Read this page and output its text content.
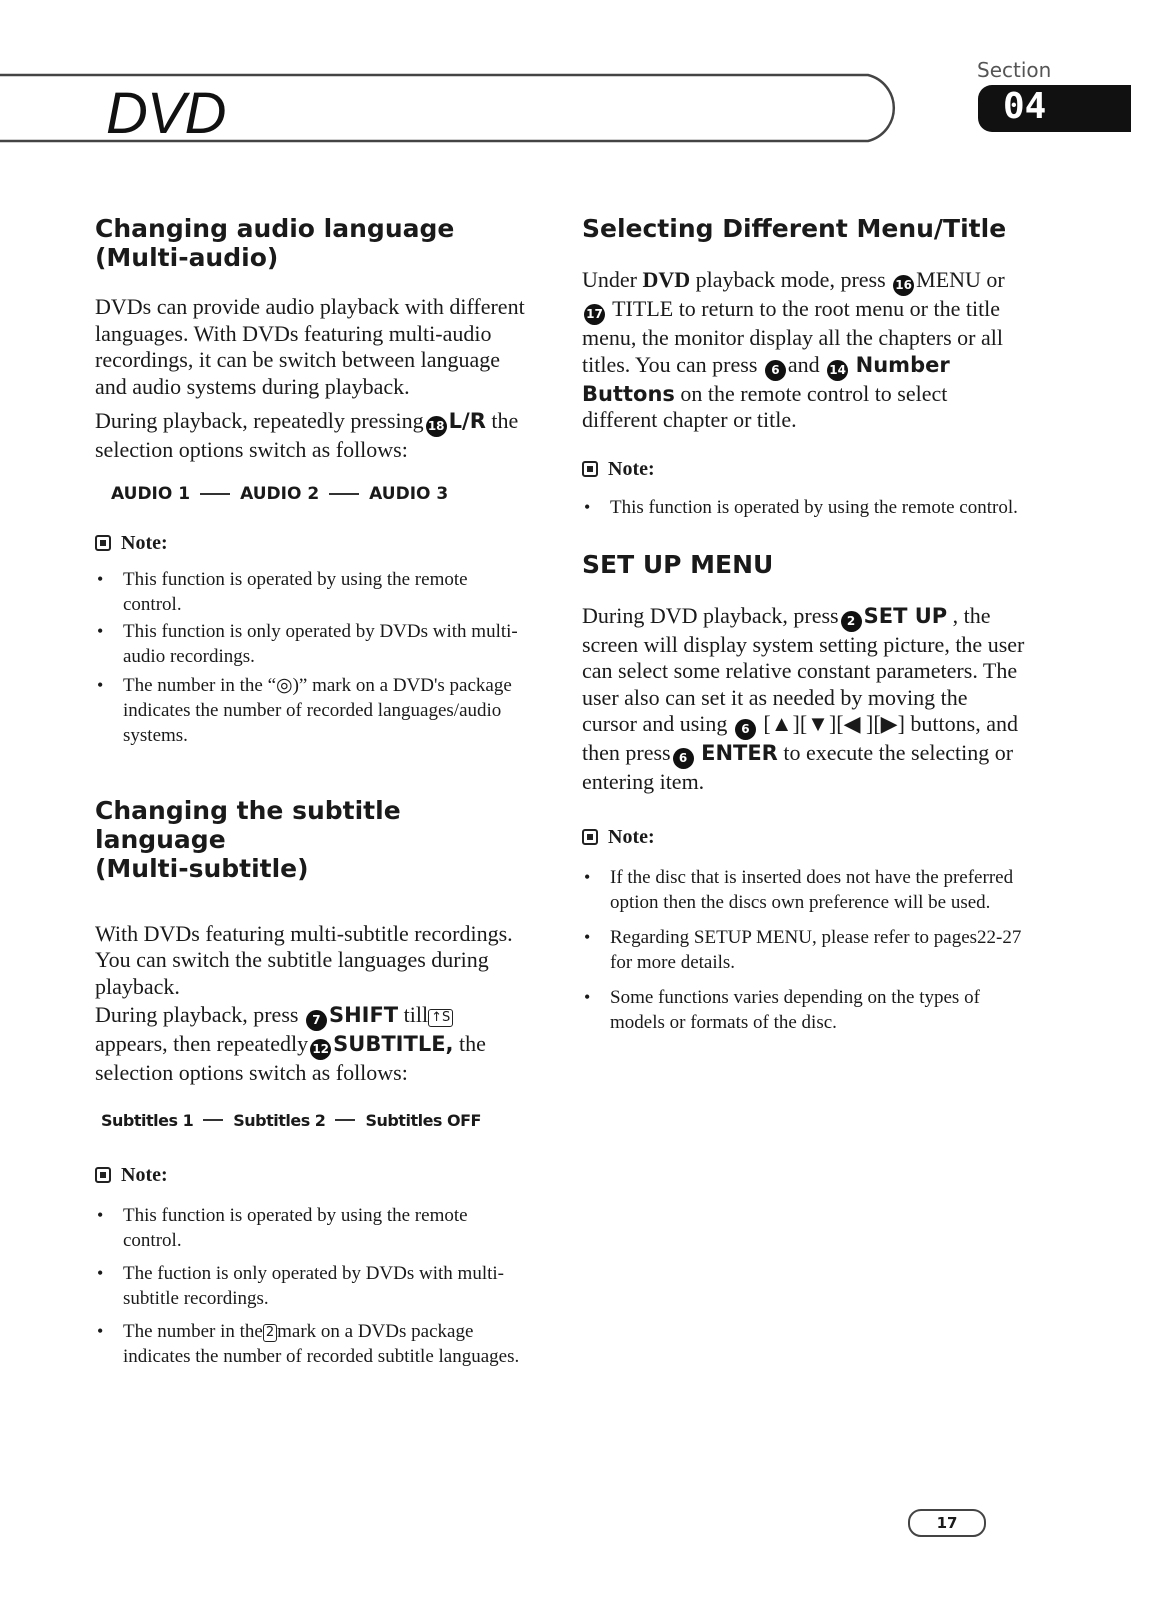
DVD
Section
04
Changing audio language
(Multi-audio)

DVDs can provide audio playback with different languages. With DVDs featuring multi-audio recordings, it can be switch between language and audio systems during playback.

During playback, repeatedly pressing 18 L/R the selection options switch as follows:

AUDIO 1	AUDIO 2	AUDIO 3
Note:
• This function is operated by using the remote control.
• This function is only operated by DVDs with multi-audio recordings.
• The number in the “◎)” mark on a DVD's package indicates the number of recorded languages/audio systems.
Changing the subtitle language
(Multi-subtitle)

With DVDs featuring multi-subtitle recordings. You can switch the subtitle languages during playback.

During playback, press 7 SHIFT till ↑S appears, then repeatedly 12 SUBTITLE, the selection options switch as follows:

Subtitles 1	Subtitles 2	Subtitles OFF
Note:
• This function is operated by using the remote control.
• The fuction is only operated by DVDs with multi-subtitle recordings.
• The number in the 2 mark on a DVDs package indicates the number of recorded subtitle languages.
Selecting Different Menu/Title

Under DVD playback mode, press 16 MENU or 17 TITLE to return to the root menu or the title menu, the monitor display all the chapters or all titles. You can press 6 and 14 Number Buttons on the remote control to select different chapter or title.

Note:
• This function is operated by using the remote control.
SET UP MENU

During DVD playback, press 2 SET UP , the screen will display system setting picture, the user can select some relative constant parameters. The user also can set it as needed by moving the cursor and using 6 [▲][▼][◀ ][▶] buttons, and then press 6 ENTER to execute the selecting or entering item.

Note:
• If the disc that is inserted does not have the preferred option then the discs own preference will be used.
• Regarding SETUP MENU, please refer to pages22-27 for more details.
• Some functions varies depending on the types of models or formats of the disc.
17
